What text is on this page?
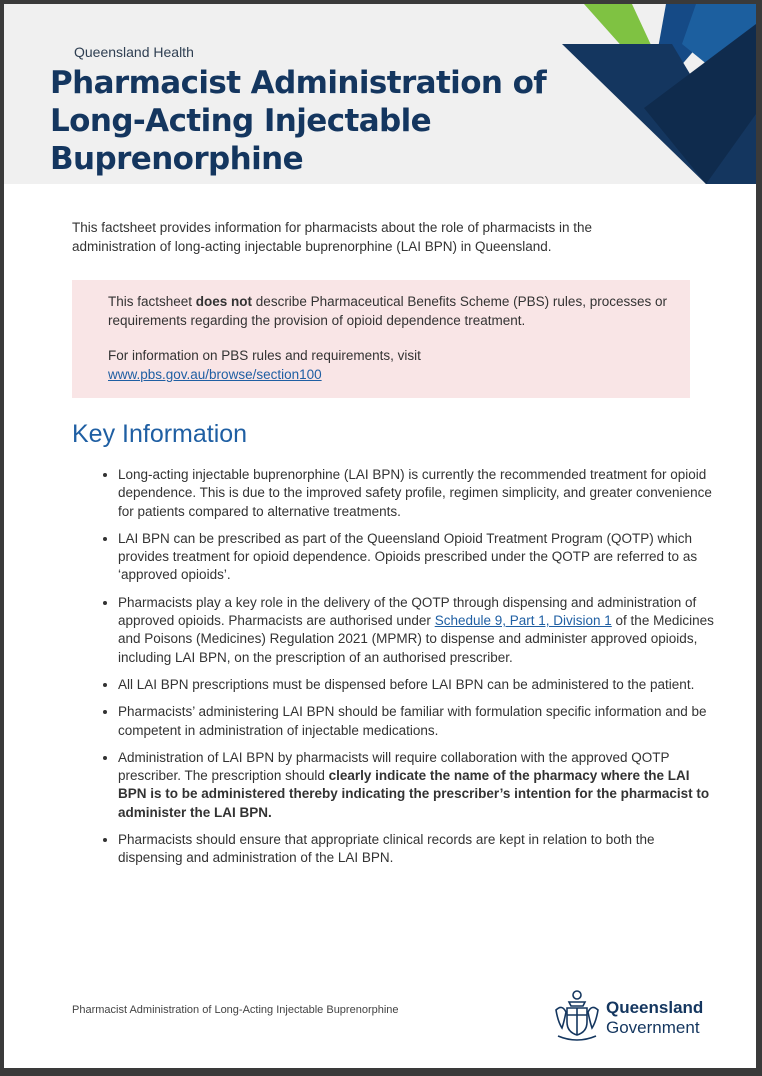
Queensland Health
Pharmacist Administration of Long-Acting Injectable Buprenorphine

This factsheet provides information for pharmacists about the role of pharmacists in the administration of long-acting injectable buprenorphine (LAI BPN) in Queensland.

This factsheet does not describe Pharmaceutical Benefits Scheme (PBS) rules, processes or requirements regarding the provision of opioid dependence treatment.

For information on PBS rules and requirements, visit
www.pbs.gov.au/browse/section100

Key Information
• Long-acting injectable buprenorphine (LAI BPN) is currently the recommended treatment for opioid dependence. This is due to the improved safety profile, regimen simplicity, and greater convenience for patients compared to alternative treatments.
• LAI BPN can be prescribed as part of the Queensland Opioid Treatment Program (QOTP) which provides treatment for opioid dependence. Opioids prescribed under the QOTP are referred to as ‘approved opioids’.
• Pharmacists play a key role in the delivery of the QOTP through dispensing and administration of approved opioids. Pharmacists are authorised under Schedule 9, Part 1, Division 1 of the Medicines and Poisons (Medicines) Regulation 2021 (MPMR) to dispense and administer approved opioids, including LAI BPN, on the prescription of an authorised prescriber.
• All LAI BPN prescriptions must be dispensed before LAI BPN can be administered to the patient.
• Pharmacists’ administering LAI BPN should be familiar with formulation specific information and be competent in administration of injectable medications.
• Administration of LAI BPN by pharmacists will require collaboration with the approved QOTP prescriber. The prescription should clearly indicate the name of the pharmacy where the LAI BPN is to be administered thereby indicating the prescriber’s intention for the pharmacist to administer the LAI BPN.
• Pharmacists should ensure that appropriate clinical records are kept in relation to both the dispensing and administration of the LAI BPN.
Pharmacist Administration of Long-Acting Injectable Buprenorphine	Queensland
Government
